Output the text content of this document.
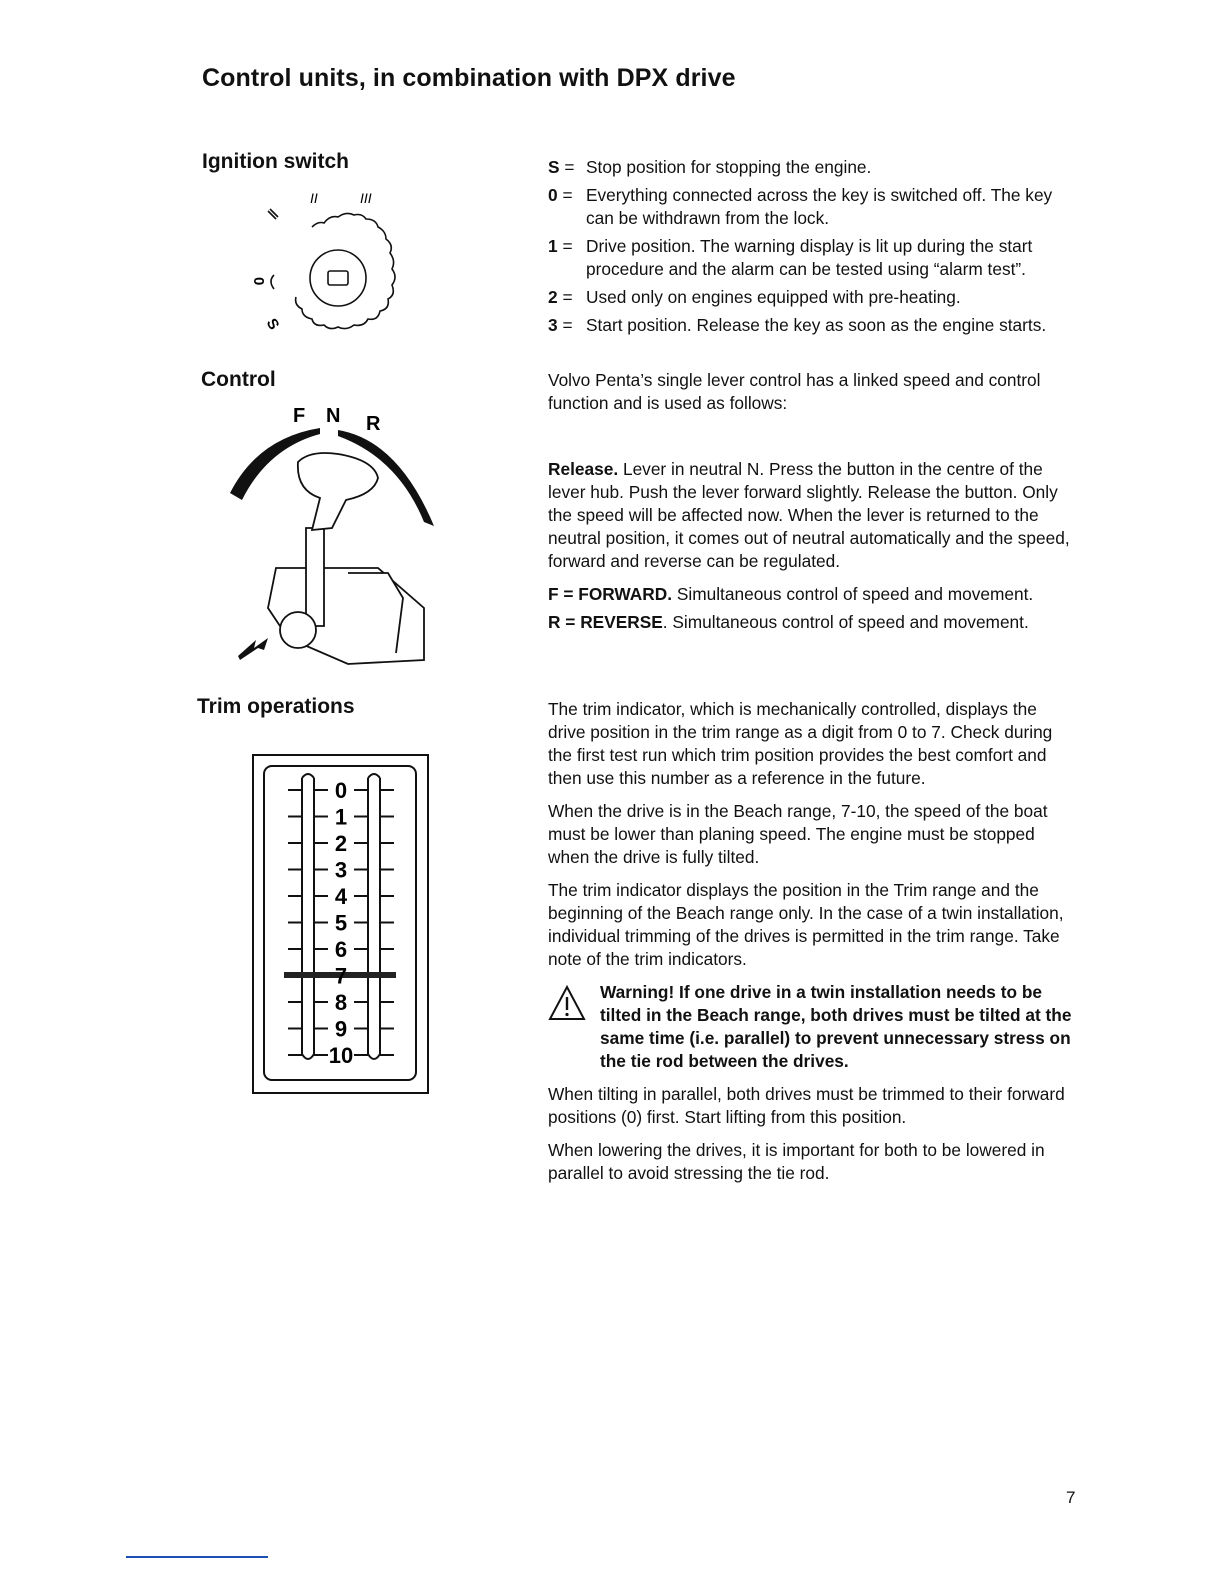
Control units, in combination with DPX drive
Ignition switch
S
0
II	III
Control
F N R
Trim operations
0
1
2
3
4
5
6
7
8
9
10
S = Stop position for stopping the engine.
0 = Everything connected across the key is switched off. The key can be withdrawn from the lock.
1 = Drive position. The warning display is lit up during the start procedure and the alarm can be tested using “alarm test”.
2 = Used only on engines equipped with pre-heating.
3 = Start position. Release the key as soon as the engine starts.

Volvo Penta’s single lever control has a linked speed and control function and is used as follows:

Release. Lever in neutral N. Press the button in the centre of the lever hub. Push the lever forward slightly. Release the button. Only the speed will be affected now. When the lever is returned to the neutral position, it comes out of neutral automatically and the speed, forward and reverse can be regulated.

F = FORWARD. Simultaneous control of speed and movement.

R = REVERSE. Simultaneous control of speed and movement.

The trim indicator, which is mechanically controlled, displays the drive position in the trim range as a digit from 0 to 7. Check during the first test run which trim position provides the best comfort and then use this number as a reference in the future.

When the drive is in the Beach range, 7-10, the speed of the boat must be lower than planing speed. The engine must be stopped when the drive is fully tilted.

The trim indicator displays the position in the Trim range and the beginning of the Beach range only. In the case of a twin installation, individual trimming of the drives is permitted in the trim range. Take note of the trim indicators.

Warning! If one drive in a twin installation needs to be tilted in the Beach range, both drives must be tilted at the same time (i.e. parallel) to prevent unnecessary stress on the tie rod between the drives.

When tilting in parallel, both drives must be trimmed to their forward positions (0) first. Start lifting from this position.

When lowering the drives, it is important for both to be lowered in parallel to avoid stressing the tie rod.

7
